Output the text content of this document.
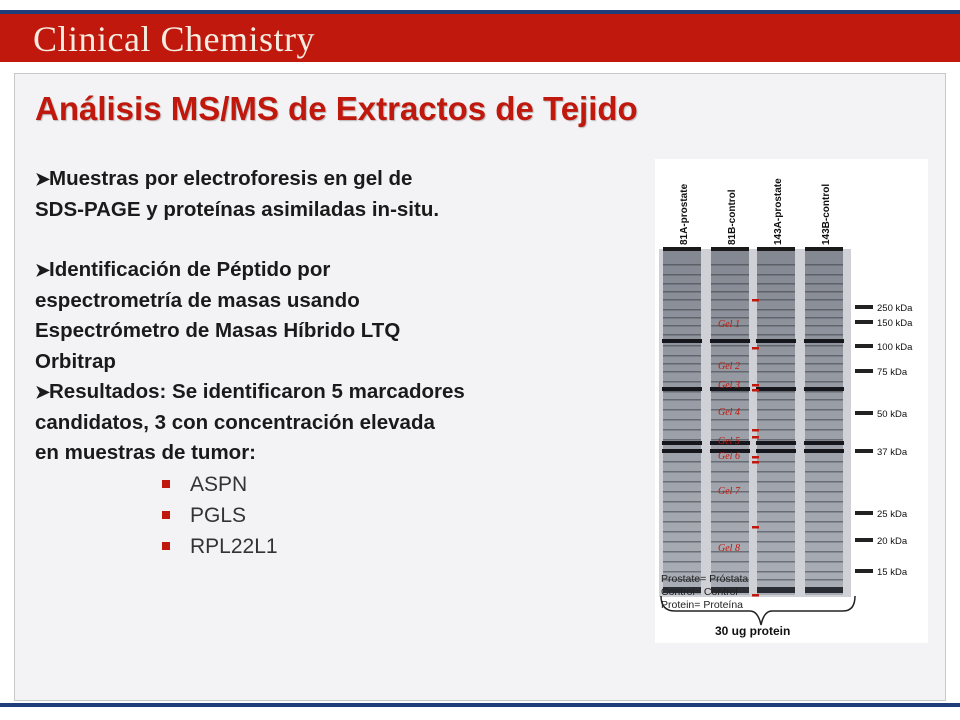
Clinical Chemistry
Análisis MS/MS de Extractos de Tejido
➤Muestras por electroforesis en gel de
SDS-PAGE y proteínas asimiladas in-situ.
➤Identificación de Péptido por
espectrometría de masas usando
Espectrómetro de Masas Híbrido LTQ
Orbitrap
➤Resultados: Se identificaron 5 marcadores
candidatos, 3 con concentración elevada
en muestras de tumor:
ASPN
PGLS
RPL22L1
81A-prostate	81B-control	143A-prostate	143B-control
250 kDa
150 kDa
100 kDa
75 kDa
50 kDa
37 kDa
25 kDa
20 kDa
15 kDa
Gel 1
Gel 2
Gel 3
Gel 4
Gel 5
Gel 6
Gel 7
Gel 8
30 ug protein
Prostate= Próstata
Control= Control
Protein= Proteína
